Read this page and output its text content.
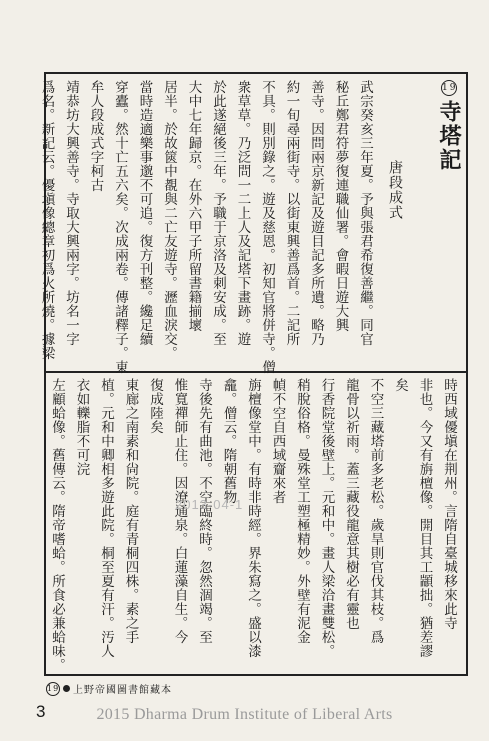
19寺塔記
唐段成式
武宗癸亥三年夏。予與張君希復善繼。同官
秘丘鄭君符夢復連職仙署。會暇日遊大興
善寺。因問兩京新記及遊目記多所遺。略乃
約一旬尋兩街寺。以街東興善爲首。二記所
不具。則別錄之。遊及慈恩。初知官將併寺。僧
衆草草。乃泛問一二上人及記塔下畫跡。遊
於此遂絕後三年。予職于京洛及刺安成。至
大中七年歸京。在外六甲子所留書籍揃壞
居半。於故篋中覩與二亡友遊寺。瀝血淚交。
當時造適樂事邈不可追。復方刊整。纔足續
穿蠹。然十亡五六矣。次成兩卷。傳諸釋子。東
牟人段成式字柯古
靖恭坊大興善寺。寺取大興兩字。坊名一字
爲名。新記云。優塡像總章初爲火所燒。據梁
時西域優塡在荆州。言隋自臺城移來此寺
非也。今又有旃檀像。開目其工顓拙。猶差謬
矣
不空三藏塔前多老松。歲旱則官伐其枝。爲
龍骨以祈雨。蓋三藏役龍意其樹必有靈也
行香院堂後壁上。元和中。畫人梁洽畫雙松。
稍脫俗格。曼殊堂工塑極精妙。外壁有泥金
幀不空自西域齎來者
旃檀像堂中。有時非時經。界朱寫之。盛以漆
龕。僧云。隋朝舊物
寺後先有曲池。不空臨終時。忽然涸竭。至
惟寬禪師止住。因潦通泉。白蓮藻自生。今
復成陸矣
東廊之南素和尙院。庭有青桐四株。素之手
植。元和中卿相多遊此院。桐至夏有汗。汚人
衣如轢脂不可浣
左顧蛤像。舊傳云。隋帝嗜蛤。所食必兼蛤味。	2013-04-1
19 上野帝國圖書館藏本
3	2015 Dharma Drum Institute of Liberal Arts
